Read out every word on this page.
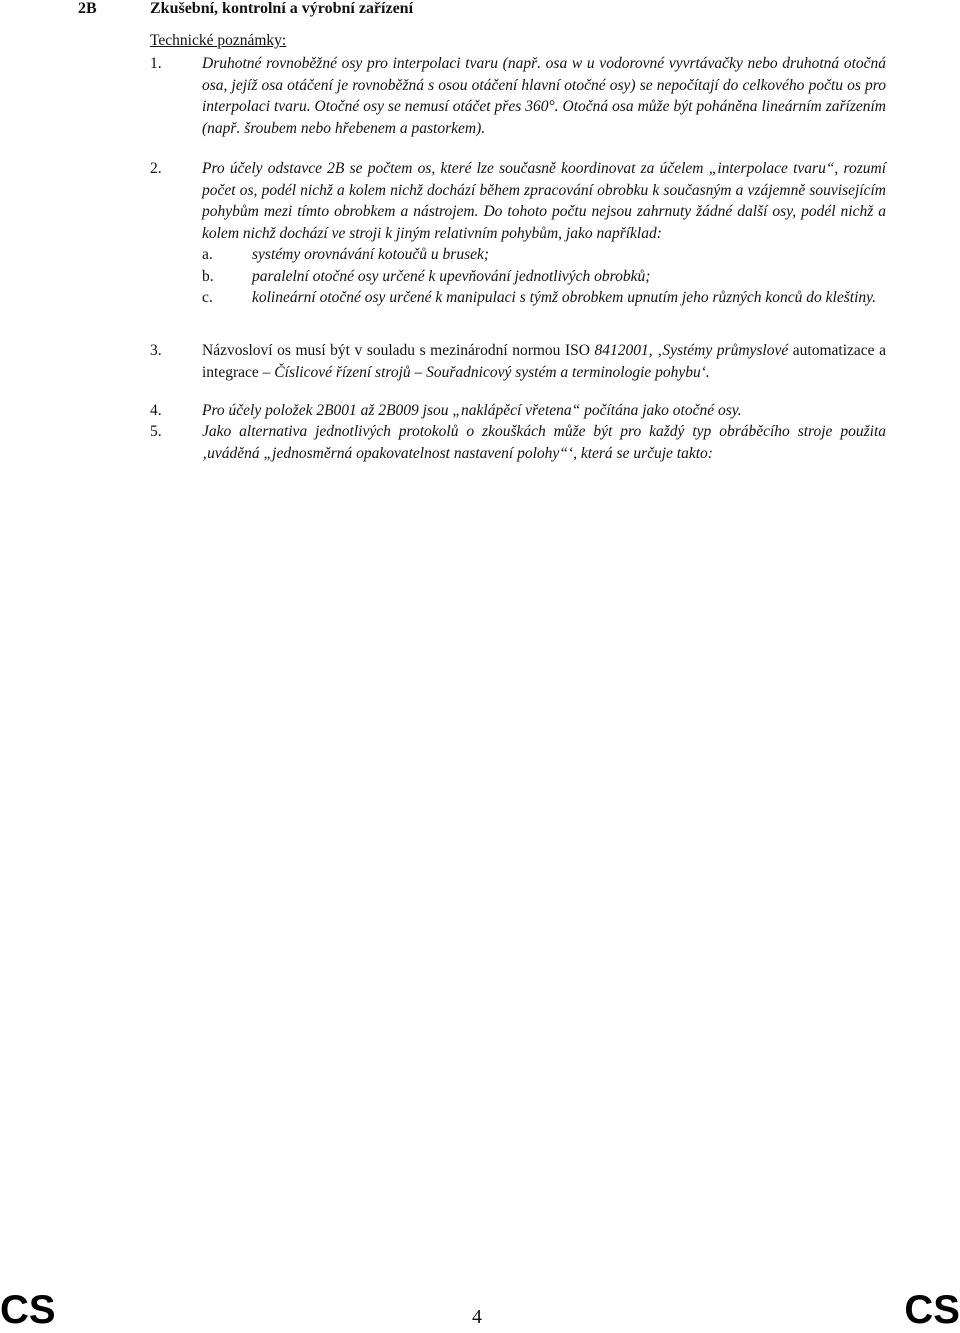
2B	Zkušební, kontrolní a výrobní zařízení
Technické poznámky:
1.	Druhotné rovnoběžné osy pro interpolaci tvaru (např. osa w u vodorovné vyvrtávačky nebo druhotná otočná osa, jejíž osa otáčení je rovnoběžná s osou otáčení hlavní otočné osy) se nepočítají do celkového počtu os pro interpolaci tvaru. Otočné osy se nemusí otáčet přes 360°. Otočná osa může být poháněna lineárním zařízením (např. šroubem nebo hřebenem a pastorkem).
2.	Pro účely odstavce 2B se počtem os, které lze současně koordinovat za účelem „interpolace tvaru“, rozumí počet os, podél nichž a kolem nichž dochází během zpracování obrobku k současným a vzájemně souvisejícím pohybům mezi tímto obrobkem a nástrojem. Do tohoto počtu nejsou zahrnuty žádné další osy, podél nichž a kolem nichž dochází ve stroji k jiným relativním pohybům, jako například:
a.	systémy orovnávání kotoučů u brusek;
b. paralelní otočné osy určené k upevňování jednotlivých obrobků;
c.	kolineární otočné osy určené k manipulaci s týmž obrobkem upnutím jeho různých konců do kleštiny.
3.	Názvosloví os musí být v souladu s mezinárodní normou ISO 8412001, ‚Systémy průmyslové automatizace a integrace – Číslicové řízení strojů – Souřadnicový systém a terminologie pohybu‘.
4.	Pro účely položek 2B001 až 2B009 jsou „naklápěcí vřetena“ počítána jako otočné osy.
5.	Jako alternativa jednotlivých protokolů o zkouškách může být pro každý typ obráběcího stroje použita ‚uváděná „jednosměrná opakovatelnost nastavení polohy“‘, která se určuje takto:
CS	4	CS
